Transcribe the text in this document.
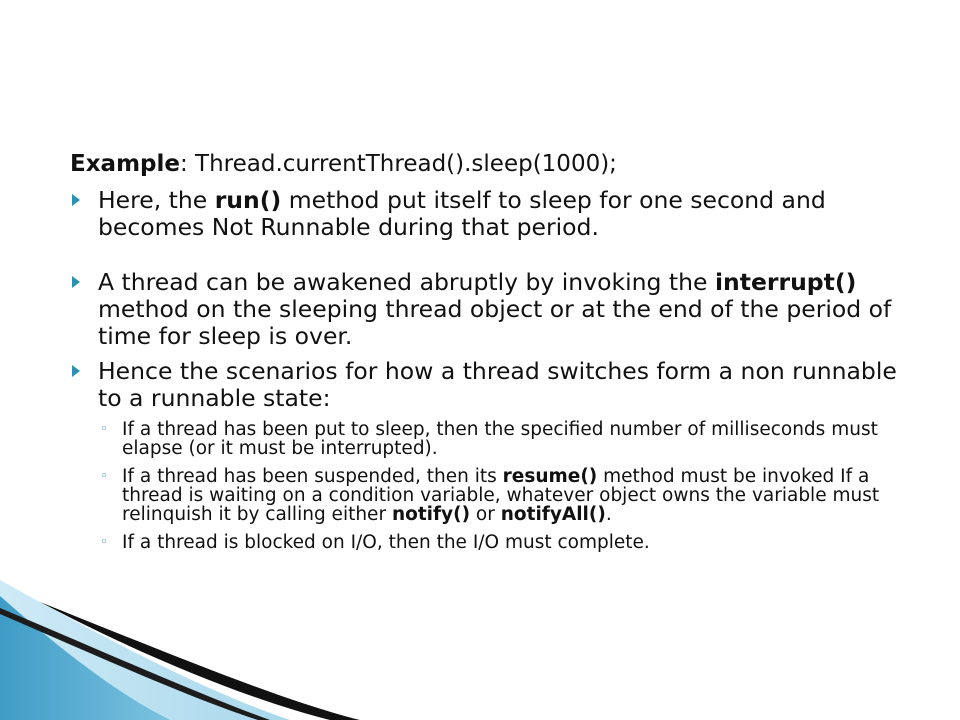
Example: Thread.currentThread().sleep(1000);
Here, the run() method put itself to sleep for one second and becomes Not Runnable during that period.
A thread can be awakened abruptly by invoking the interrupt() method on the sleeping thread object or at the end of the period of time for sleep is over.
Hence the scenarios for how a thread switches form a non runnable to a runnable state:
◦ If a thread has been put to sleep, then the specified number of milliseconds must elapse (or it must be interrupted).
◦ If a thread has been suspended, then its resume() method must be invoked If a thread is waiting on a condition variable, whatever object owns the variable must relinquish it by calling either notify() or notifyAll().
◦ If a thread is blocked on I/O, then the I/O must complete.
